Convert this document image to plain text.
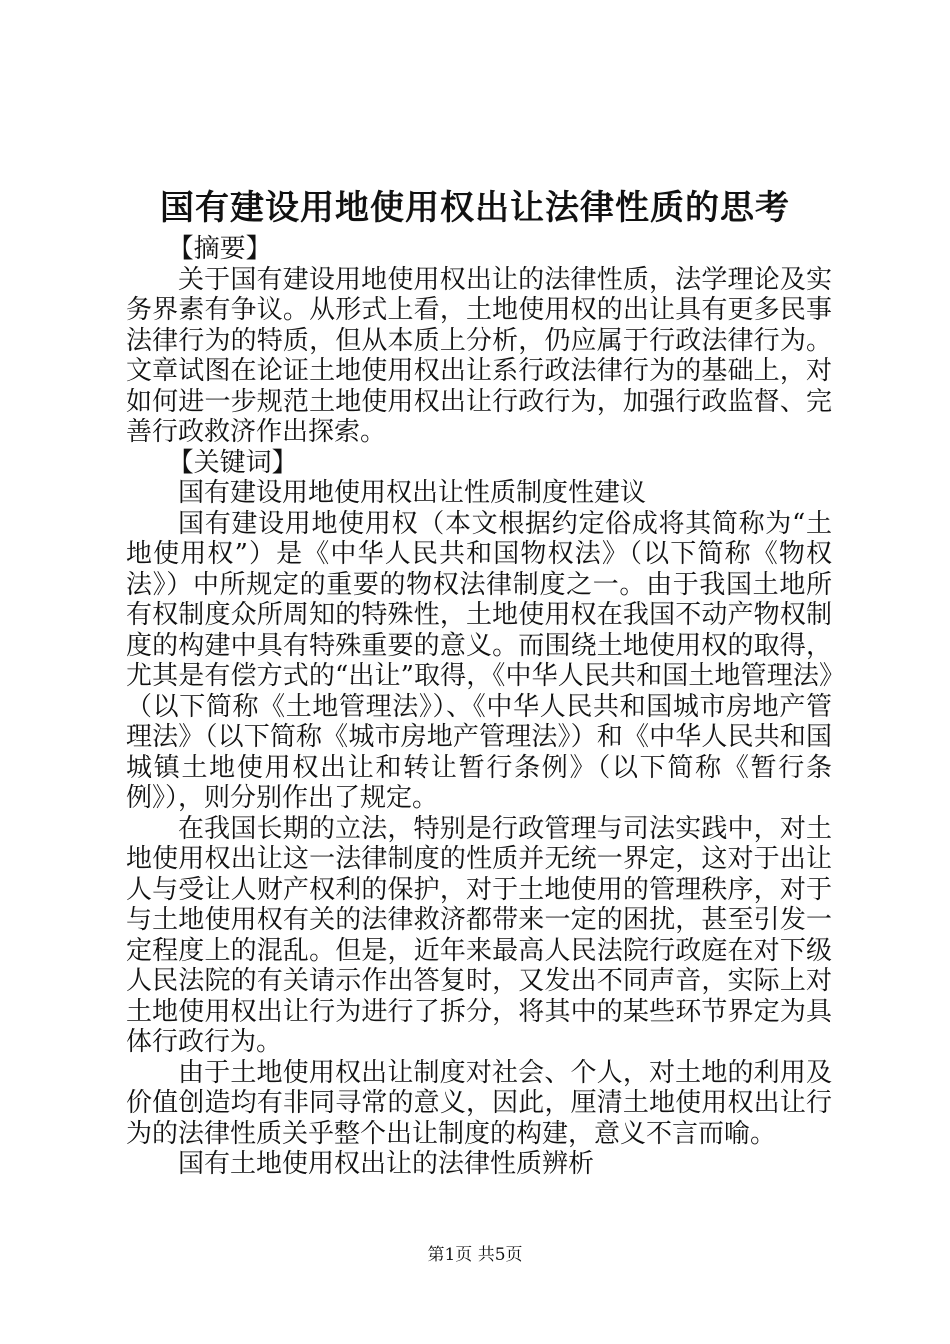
国有建设用地使用权出让法律性质的思考

【摘要】

关于国有建设用地使用权出让的法律性质，法学理论及实务界素有争议。从形式上看，土地使用权的出让具有更多民事法律行为的特质，但从本质上分析，仍应属于行政法律行为。文章试图在论证土地使用权出让系行政法律行为的基础上，对如何进一步规范土地使用权出让行政行为，加强行政监督、完善行政救济作出探索。

【关键词】

国有建设用地使用权出让性质制度性建议

国有建设用地使用权（本文根据约定俗成将其简称为“土地使用权”）是《中华人民共和国物权法》（以下简称《物权法》）中所规定的重要的物权法律制度之一。由于我国土地所有权制度众所周知的特殊性，土地使用权在我国不动产物权制度的构建中具有特殊重要的意义。而围绕土地使用权的取得，尤其是有偿方式的“出让”取得，《中华人民共和国土地管理法》（以下简称《土地管理法》）、《中华人民共和国城市房地产管理法》（以下简称《城市房地产管理法》）和《中华人民共和国城镇土地使用权出让和转让暂行条例》（以下简称《暂行条例》），则分别作出了规定。

在我国长期的立法，特别是行政管理与司法实践中，对土地使用权出让这一法律制度的性质并无统一界定，这对于出让人与受让人财产权利的保护，对于土地使用的管理秩序，对于与土地使用权有关的法律救济都带来一定的困扰，甚至引发一定程度上的混乱。但是，近年来最高人民法院行政庭在对下级人民法院的有关请示作出答复时，又发出不同声音，实际上对土地使用权出让行为进行了拆分，将其中的某些环节界定为具体行政行为。

由于土地使用权出让制度对社会、个人，对土地的利用及价值创造均有非同寻常的意义，因此，厘清土地使用权出让行为的法律性质关乎整个出让制度的构建，意义不言而喻。

国有土地使用权出让的法律性质辨析

第1页 共5页
